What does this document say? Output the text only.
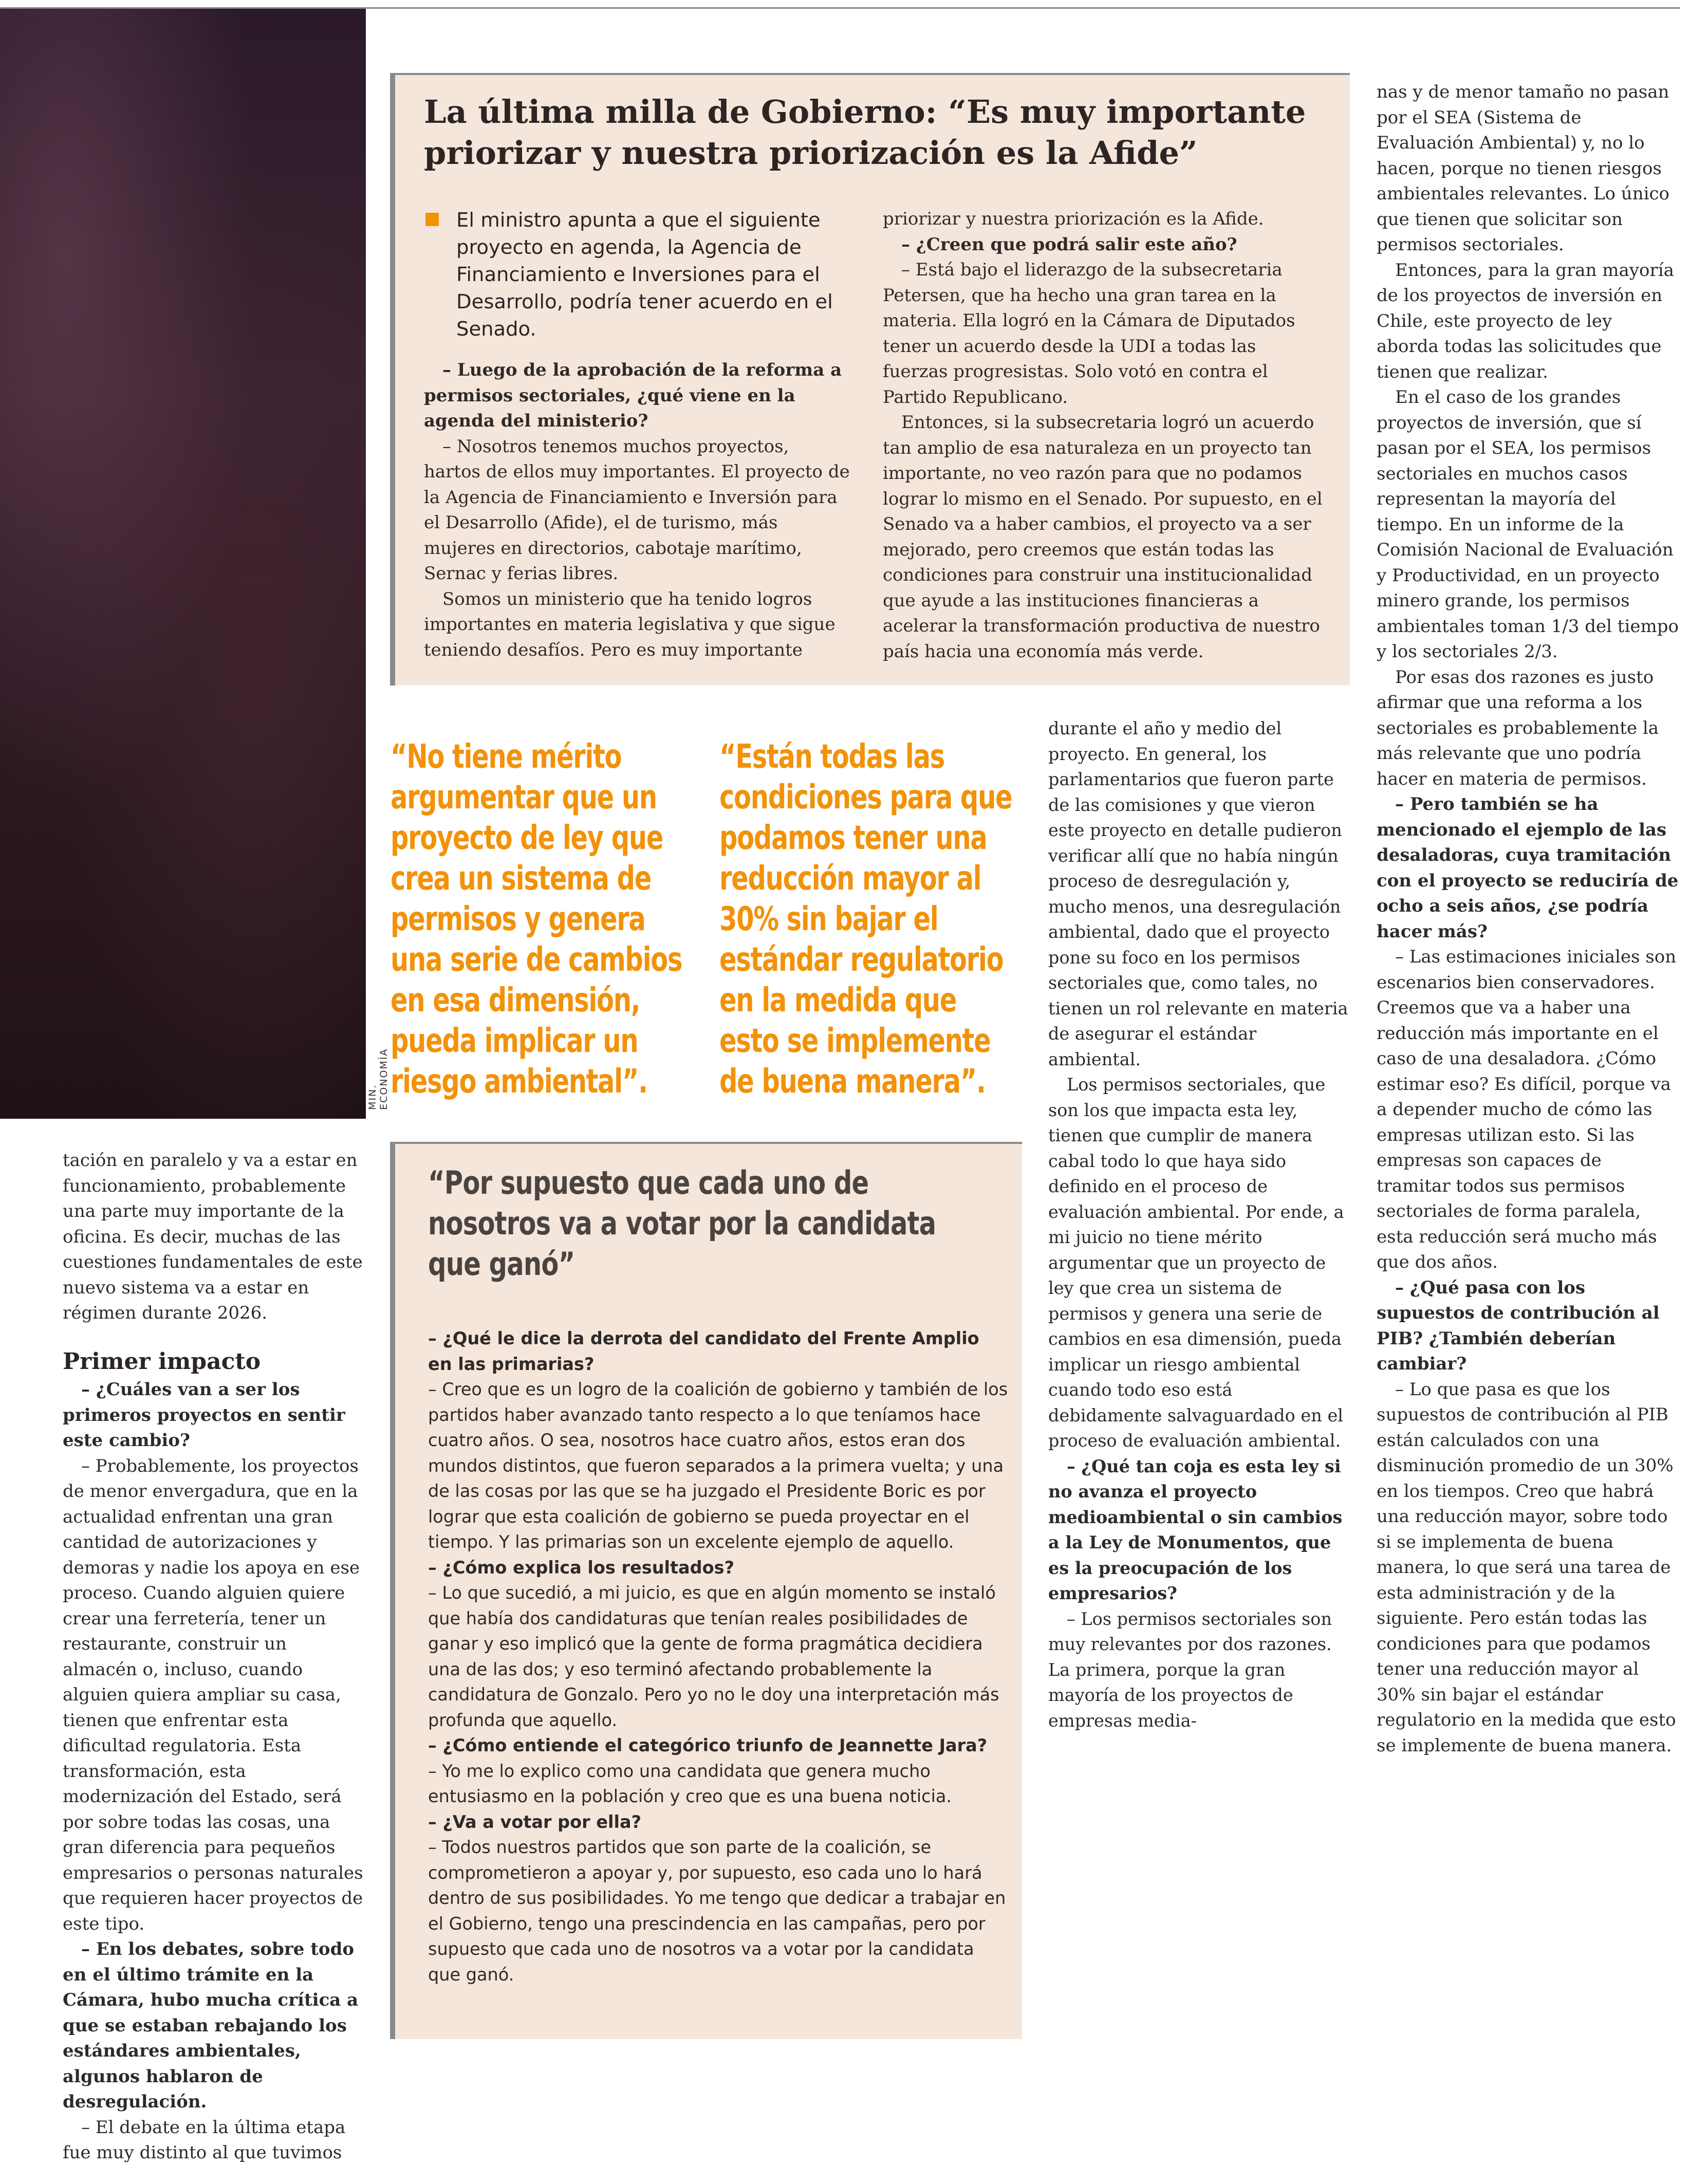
MIN. ECONOMÍA
La última milla de Gobierno: “Es muy importante priorizar y nuestra priorización es la Afide”
El ministro apunta a que el siguiente proyecto en agenda, la Agencia de Financiamiento e Inversiones para el Desarrollo, podría tener acuerdo en el Senado.

– Luego de la aprobación de la reforma a permisos sectoriales, ¿qué viene en la agenda del ministerio?

– Nosotros tenemos muchos proyectos, hartos de ellos muy importantes. El proyecto de la Agencia de Financiamiento e Inversión para el Desarrollo (Afide), el de turismo, más mujeres en directorios, cabotaje marítimo, Sernac y ferias libres.

Somos un ministerio que ha tenido logros importantes en materia legislativa y que sigue teniendo desafíos. Pero es muy importante

priorizar y nuestra priorización es la Afide.

– ¿Creen que podrá salir este año?

– Está bajo el liderazgo de la subsecretaria Petersen, que ha hecho una gran tarea en la materia. Ella logró en la Cámara de Diputados tener un acuerdo desde la UDI a todas las fuerzas progresistas. Solo votó en contra el Partido Republicano.

Entonces, si la subsecretaria logró un acuerdo tan amplio de esa naturaleza en un proyecto tan importante, no veo razón para que no podamos lograr lo mismo en el Senado. Por supuesto, en el Senado va a haber cambios, el proyecto va a ser mejorado, pero creemos que están todas las condiciones para construir una institucionalidad que ayude a las instituciones financieras a acelerar la transformación productiva de nuestro país hacia una economía más verde.

nas y de menor tamaño no pasan por el SEA (Sistema de Evaluación Ambiental) y, no lo hacen, porque no tienen riesgos ambientales relevantes. Lo único que tienen que solicitar son permisos sectoriales.

Entonces, para la gran mayoría de los proyectos de inversión en Chile, este proyecto de ley aborda todas las solicitudes que tienen que realizar.

En el caso de los grandes proyectos de inversión, que sí pasan por el SEA, los permisos sectoriales en muchos casos representan la mayoría del tiempo. En un informe de la Comisión Nacional de Evaluación y Productividad, en un proyecto minero grande, los permisos ambientales toman 1/3 del tiempo y los sectoriales 2/3.

Por esas dos razones es justo afirmar que una reforma a los sectoriales es probablemente la más relevante que uno podría hacer en materia de permisos.

– Pero también se ha mencionado el ejemplo de las desaladoras, cuya tramitación con el proyecto se reduciría de ocho a seis años, ¿se podría hacer más?

– Las estimaciones iniciales son escenarios bien conservadores. Creemos que va a haber una reducción más importante en el caso de una desaladora. ¿Cómo estimar eso? Es difícil, porque va a depender mucho de cómo las empresas utilizan esto. Si las empresas son capaces de tramitar todos sus permisos sectoriales de forma paralela, esta reducción será mucho más que dos años.

– ¿Qué pasa con los supuestos de contribución al PIB? ¿También deberían cambiar?

– Lo que pasa es que los supuestos de contribución al PIB están calculados con una disminución promedio de un 30% en los tiempos. Creo que habrá una reducción mayor, sobre todo si se implementa de buena manera, lo que será una tarea de esta administración y de la siguiente. Pero están todas las condiciones para que podamos tener una reducción mayor al 30% sin bajar el estándar regulatorio en la medida que esto se implemente de buena manera.

“No tiene mérito argumentar que un proyecto de ley que crea un sistema de permisos y genera una serie de cambios en esa dimensión, pueda implicar un riesgo ambiental”.

“Están todas las condiciones para que podamos tener una reducción mayor al 30% sin bajar el estándar regulatorio en la medida que esto se implemente de buena manera”.

durante el año y medio del proyecto. En general, los parlamentarios que fueron parte de las comisiones y que vieron este proyecto en detalle pudieron verificar allí que no había ningún proceso de desregulación y, mucho menos, una desregulación ambiental, dado que el proyecto pone su foco en los permisos sectoriales que, como tales, no tienen un rol relevante en materia de asegurar el estándar ambiental.

Los permisos sectoriales, que son los que impacta esta ley, tienen que cumplir de manera cabal todo lo que haya sido definido en el proceso de evaluación ambiental. Por ende, a mi juicio no tiene mérito argumentar que un proyecto de ley que crea un sistema de permisos y genera una serie de cambios en esa dimensión, pueda implicar un riesgo ambiental cuando todo eso está debidamente salvaguardado en el proceso de evaluación ambiental.

– ¿Qué tan coja es esta ley si no avanza el proyecto medioambiental o sin cambios a la Ley de Monumentos, que es la preocupación de los empresarios?

– Los permisos sectoriales son muy relevantes por dos razones. La primera, porque la gran mayoría de los proyectos de empresas media-

tación en paralelo y va a estar en funcionamiento, probablemente una parte muy importante de la oficina. Es decir, muchas de las cuestiones fundamentales de este nuevo sistema va a estar en régimen durante 2026.

Primer impacto

– ¿Cuáles van a ser los primeros proyectos en sentir este cambio?

– Probablemente, los proyectos de menor envergadura, que en la actualidad enfrentan una gran cantidad de autorizaciones y demoras y nadie los apoya en ese proceso. Cuando alguien quiere crear una ferretería, tener un restaurante, construir un almacén o, incluso, cuando alguien quiera ampliar su casa, tienen que enfrentar esta dificultad regulatoria. Esta transformación, esta modernización del Estado, será por sobre todas las cosas, una gran diferencia para pequeños empresarios o personas naturales que requieren hacer proyectos de este tipo.

– En los debates, sobre todo en el último trámite en la Cámara, hubo mucha crítica a que se estaban rebajando los estándares ambientales, algunos hablaron de desregulación.

– El debate en la última etapa fue muy distinto al que tuvimos

“Por supuesto que cada uno de nosotros va a votar por la candidata que ganó”

– ¿Qué le dice la derrota del candidato del Frente Amplio en las primarias?

– Creo que es un logro de la coalición de gobierno y también de los partidos haber avanzado tanto respecto a lo que teníamos hace cuatro años. O sea, nosotros hace cuatro años, estos eran dos mundos distintos, que fueron separados a la primera vuelta; y una de las cosas por las que se ha juzgado el Presidente Boric es por lograr que esta coalición de gobierno se pueda proyectar en el tiempo. Y las primarias son un excelente ejemplo de aquello.

– ¿Cómo explica los resultados?

– Lo que sucedió, a mi juicio, es que en algún momento se instaló que había dos candidaturas que tenían reales posibilidades de ganar y eso implicó que la gente de forma pragmática decidiera una de las dos; y eso terminó afectando probablemente la candidatura de Gonzalo. Pero yo no le doy una interpretación más profunda que aquello.

– ¿Cómo entiende el categórico triunfo de Jeannette Jara?

– Yo me lo explico como una candidata que genera mucho entusiasmo en la población y creo que es una buena noticia.

– ¿Va a votar por ella?

– Todos nuestros partidos que son parte de la coalición, se comprometieron a apoyar y, por supuesto, eso cada uno lo hará dentro de sus posibilidades. Yo me tengo que dedicar a trabajar en el Gobierno, tengo una prescindencia en las campañas, pero por supuesto que cada uno de nosotros va a votar por la candidata que ganó.
